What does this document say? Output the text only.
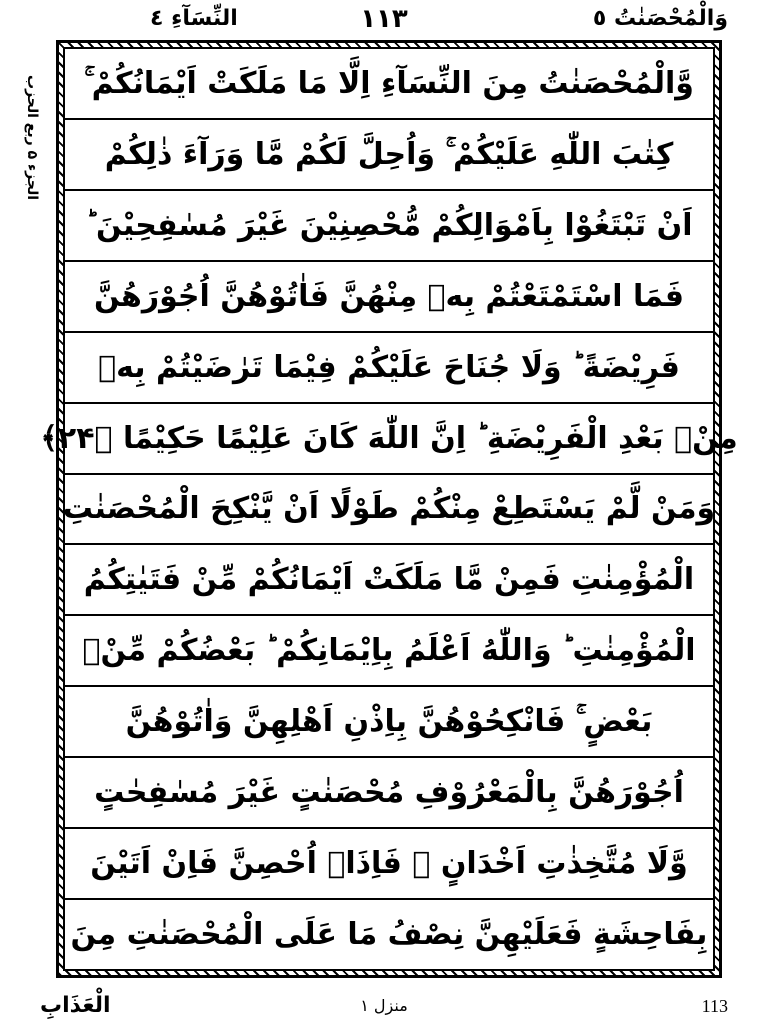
وَالْمُحْصَنٰتُ ٥
١١٣
النِّسَآءِ ٤
الجزء ۵ ربع الحزب
وَّالْمُحْصَنٰتُ مِنَ النِّسَآءِ اِلَّا مَا مَلَكَتْ اَيْمَانُكُمْ ۚ
كِتٰبَ اللّٰهِ عَلَيْكُمْ ۚ وَاُحِلَّ لَكُمْ مَّا وَرَآءَ ذٰلِكُمْ
اَنْ تَبْتَغُوْا بِاَمْوَالِكُمْ مُّحْصِنِيْنَ غَيْرَ مُسٰفِحِيْنَ ؕ
فَمَا اسْتَمْتَعْتُمْ بِهٖ مِنْهُنَّ فَاٰتُوْهُنَّ اُجُوْرَهُنَّ
فَرِيْضَةً ؕ وَلَا جُنَاحَ عَلَيْكُمْ فِيْمَا تَرٰضَيْتُمْ بِهٖ
مِنْۢ بَعْدِ الْفَرِيْضَةِ ؕ اِنَّ اللّٰهَ كَانَ عَلِيْمًا حَكِيْمًا ﴿۲۴﴾
وَمَنْ لَّمْ يَسْتَطِعْ مِنْكُمْ طَوْلًا اَنْ يَّنْكِحَ الْمُحْصَنٰتِ
الْمُؤْمِنٰتِ فَمِنْ مَّا مَلَكَتْ اَيْمَانُكُمْ مِّنْ فَتَيٰتِكُمُ
الْمُؤْمِنٰتِ ؕ وَاللّٰهُ اَعْلَمُ بِاِيْمَانِكُمْ ؕ بَعْضُكُمْ مِّنْۢ
بَعْضٍ ۚ فَانْكِحُوْهُنَّ بِاِذْنِ اَهْلِهِنَّ وَاٰتُوْهُنَّ
اُجُوْرَهُنَّ بِالْمَعْرُوْفِ مُحْصَنٰتٍ غَيْرَ مُسٰفِحٰتٍ
وَّلَا مُتَّخِذٰتِ اَخْدَانٍ ۚ فَاِذَاۤ اُحْصِنَّ فَاِنْ اَتَيْنَ
بِفَاحِشَةٍ فَعَلَيْهِنَّ نِصْفُ مَا عَلَى الْمُحْصَنٰتِ مِنَ
الْعَذَابِ	منزل ١	113
